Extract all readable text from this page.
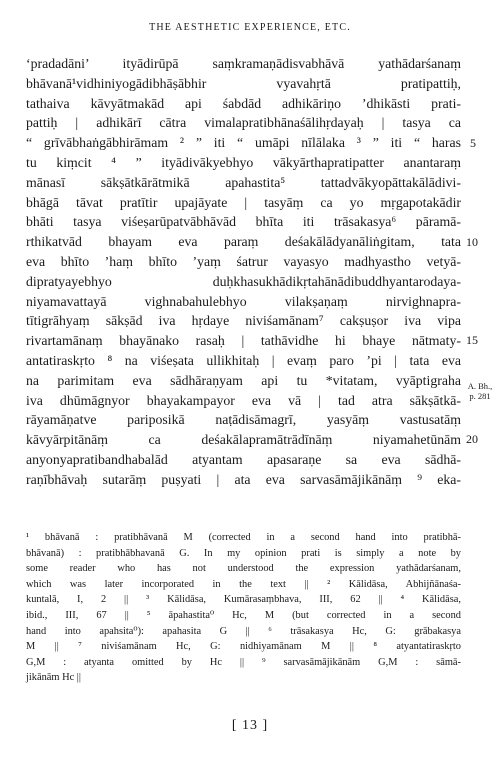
THE AESTHETIC EXPERIENCE, ETC.
‘pradadāni’ ityādirūpā saṃkramaṇādisvabhāvā yathādarśanaṃ
bhāvanā¹vidhiniyogādibhāṣābhir vyavahṛtā pratipattiḥ,
tathaiva kāvyātmakād api śabdād adhikāriṇo ’dhikāsti prati-
pattiḥ | adhikārī cātra vimalapratibhānaśālihṛdayaḥ | tasya ca
“ grīvābhaṅgābhirāmam ² ” iti “ umāpi nīlālaka ³ ” iti “ haras
tu kiṃcit ⁴ ” ityādivākyebhyo vākyārthapratipatter anantaraṃ
mānasī sākṣātkārātmikā apahastita⁵ tattadvākyopāttakālādivi-
bhāgā tāvat pratītir upajāyate | tasyāṃ ca yo mṛgapotakādir
bhāti tasya viśeṣarūpatvābhāvād bhīta iti trāsakasya⁶ pāramā-
rthikatvād bhayam eva paraṃ deśakālādyanāliṅgitam, tata
eva bhīto ’haṃ bhīto ’yaṃ śatrur vayasyo madhyastho vetyā-
dipratyayebhyo duḥkhasukhādikṛtahānādibuddhyantarodaya-
niyamavattayā vighnabahulebhyo vilakṣaṇaṃ nirvighnapra-
tītigrāhyaṃ sākṣād iva hṛdaye niviśamānam⁷ cakṣuṣor iva vipa
rivartamānaṃ bhayānako rasaḥ | tathāvidhe hi bhaye nātmaty-
antatiraskṛto ⁸ na viśeṣata ullikhitaḥ | evaṃ paro ’pi | tata eva
na parimitam eva sādhāraṇyam api tu *vitatam, vyāptigraha
iva dhūmāgnyor bhayakampayor eva vā | tad atra sākṣātkā-
rāyamāṇatve pariposikā naṭādisāmagrī, yasyāṃ vastusatāṃ
kāvyārpitānāṃ ca deśakālapramātrādīnāṃ niyamahetūnām
anyonyapratibandhabalād atyantam apasaraṇe sa eva sādhā-
raṇībhāvaḥ sutarāṃ puṣyati | ata eva sarvasāmājikānāṃ ⁹ eka-
5
10
15
A. Bh.,
p. 281
20
¹ bhāvanā : pratibhāvanā M (corrected in a second hand into pratibhā-
bhāvanā) : pratibhābhavanā G. In my opinion prati is simply a note by
some reader who has not understood the expression yathādarśanam,
which was later incorporated in the text || ² Kālidāsa, Abhijñānaśa-
kuntalā, I, 2 || ³ Kālidāsa, Kumārasaṃbhava, III, 62 || ⁴ Kālidāsa,
ibid., III, 67 || ⁵ āpahastita⁰ Hc, M (but corrected in a second
hand into apahsita⁰): apahasita G || ⁶ trāsakasya Hc, G: grābakasya
M || ⁷ niviśamānam Hc, G: nidhiyamānam M || ⁸ atyantatiraskṛto
G,M : atyanta omitted by Hc || ⁹ sarvasāmājikānām G,M : sāmā-
jikānām Hc ||
[ 13 ]
